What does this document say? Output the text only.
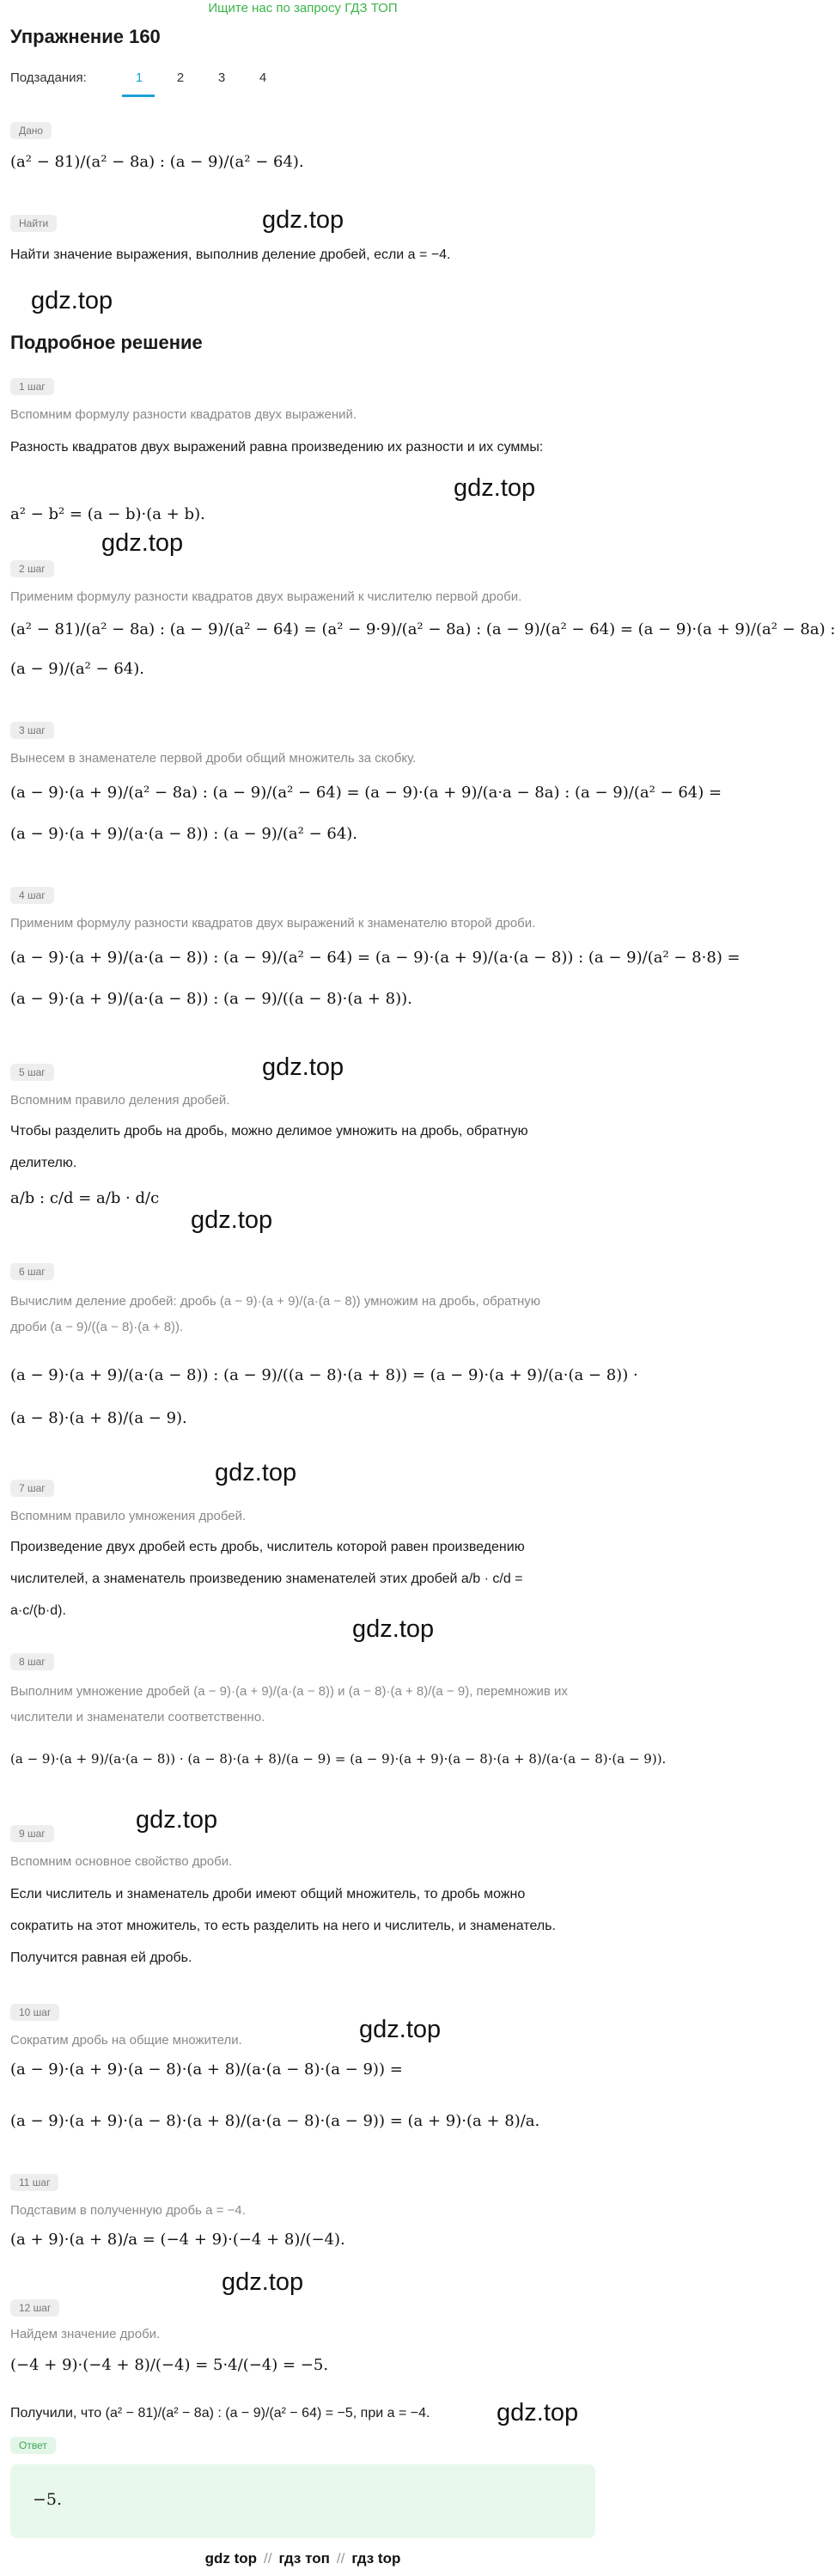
Ищите нас по запросу ГДЗ ТОП
Упражнение 160
Подзадания:	1	2	3	4
Дано
(a² − 81)/(a² − 8a) : (a − 9)/(a² − 64).
Найти
Найти значение выражения, выполнив деление дробей, если a = −4.
Подробное решение
1 шаг
Вспомним формулу разности квадратов двух выражений.
Разность квадратов двух выражений равна произведению их разности и их суммы:
a² − b² = (a − b)·(a + b).
2 шаг
Применим формулу разности квадратов двух выражений к числителю первой дроби.
(a² − 81)/(a² − 8a) : (a − 9)/(a² − 64) = (a² − 9·9)/(a² − 8a) : (a − 9)/(a² − 64) = (a − 9)·(a + 9)/(a² − 8a) :
(a − 9)/(a² − 64).
3 шаг
Вынесем в знаменателе первой дроби общий множитель за скобку.
(a − 9)·(a + 9)/(a² − 8a) : (a − 9)/(a² − 64) = (a − 9)·(a + 9)/(a·a − 8a) : (a − 9)/(a² − 64) =
(a − 9)·(a + 9)/(a·(a − 8)) : (a − 9)/(a² − 64).
4 шаг
Применим формулу разности квадратов двух выражений к знаменателю второй дроби.
(a − 9)·(a + 9)/(a·(a − 8)) : (a − 9)/(a² − 64) = (a − 9)·(a + 9)/(a·(a − 8)) : (a − 9)/(a² − 8·8) =
(a − 9)·(a + 9)/(a·(a − 8)) : (a − 9)/((a − 8)·(a + 8)).
5 шаг
Вспомним правило деления дробей.
Чтобы разделить дробь на дробь, можно делимое умножить на дробь, обратную делителю.
a/b : c/d = a/b · d/c
6 шаг
Вычислим деление дробей: дробь (a − 9)·(a + 9)/(a·(a − 8)) умножим на дробь, обратную дроби (a − 9)/((a − 8)·(a + 8)).
(a − 9)·(a + 9)/(a·(a − 8)) : (a − 9)/((a − 8)·(a + 8)) = (a − 9)·(a + 9)/(a·(a − 8)) ·
(a − 8)·(a + 8)/(a − 9).
7 шаг
Вспомним правило умножения дробей.
Произведение двух дробей есть дробь, числитель которой равен произведению числителей, а знаменатель произведению знаменателей этих дробей a/b · c/d = a·c/(b·d).
8 шаг
Выполним умножение дробей (a − 9)·(a + 9)/(a·(a − 8)) и (a − 8)·(a + 8)/(a − 9), перемножив их числители и знаменатели соответственно.
(a − 9)·(a + 9)/(a·(a − 8)) · (a − 8)·(a + 8)/(a − 9) = (a − 9)·(a + 9)·(a − 8)·(a + 8)/(a·(a − 8)·(a − 9)).
9 шаг
Вспомним основное свойство дроби.
Если числитель и знаменатель дроби имеют общий множитель, то дробь можно сократить на этот множитель, то есть разделить на него и числитель, и знаменатель. Получится равная ей дробь.
10 шаг
Сократим дробь на общие множители.
(a − 9)·(a + 9)·(a − 8)·(a + 8)/(a·(a − 8)·(a − 9)) =
(a − 9)·(a + 9)·(a − 8)·(a + 8)/(a·(a − 8)·(a − 9)) = (a + 9)·(a + 8)/a.
11 шаг
Подставим в полученную дробь a = −4.
(a + 9)·(a + 8)/a = (−4 + 9)·(−4 + 8)/(−4).
12 шаг
Найдем значение дроби.
(−4 + 9)·(−4 + 8)/(−4) = 5·4/(−4) = −5.
Получили, что (a² − 81)/(a² − 8a) : (a − 9)/(a² − 64) = −5, при a = −4.
Ответ
−5.
gdz.top
gdz.top
gdz.top
gdz.top
gdz.top
gdz.top
gdz.top
gdz.top
gdz.top
gdz.top
gdz.top
gdz.top
gdz top // гдз топ // гдз top
